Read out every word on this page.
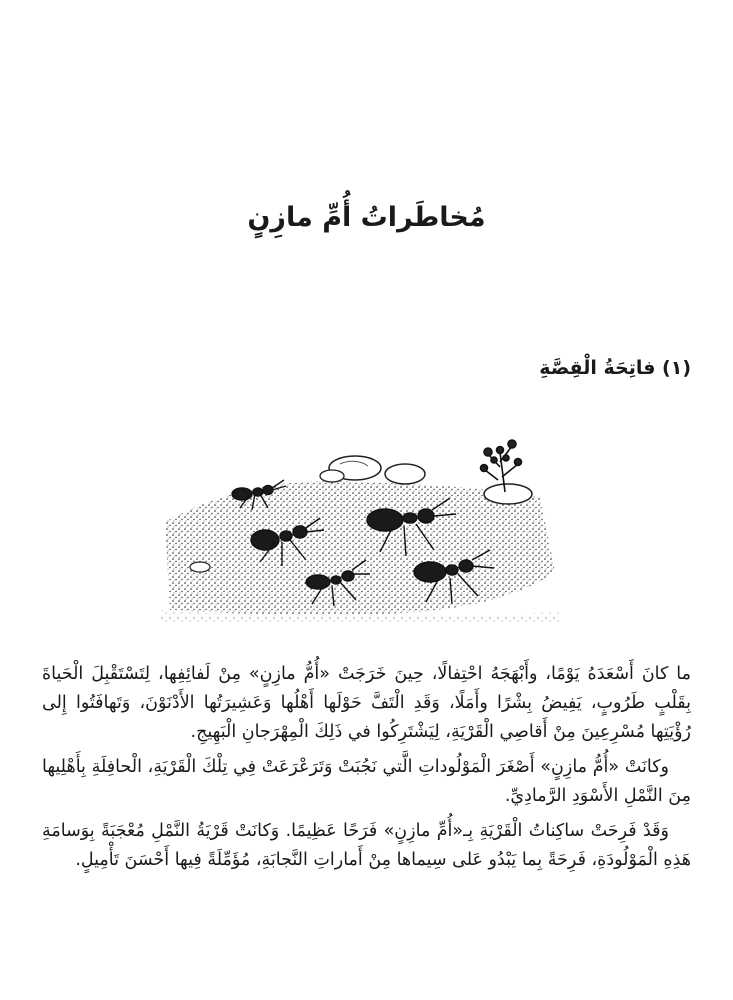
مُخاطَراتُ أُمِّ مازِنٍ
(١) فاتِحَةُ الْقِصَّةِ

ما كانَ أَسْعَدَهُ يَوْمًا، وأَبْهَجَهُ احْتِفالًا، حِينَ خَرَجَتْ «أُمُّ مازِنٍ» مِنْ لَفائِفِها، لِتَسْتَقْبِلَ الْحَياةَ بِقَلْبٍ طَرُوبٍ، يَفِيضُ بِشْرًا وأَمَلًا، وَقَدِ الْتَفَّ حَوْلَها أَهْلُها وَعَشِيرَتُها الأَدْنَوْنَ، وَتَهافَتُوا إِلى رُؤْيَتِها مُسْرِعِينَ مِنْ أَقاصِي الْقَرْيَةِ، لِيَشْتَرِكُوا في ذَلِكَ الْمِهْرَجانِ الْبَهِيجِ.

وكانَتْ «أُمُّ مازِنٍ» أَصْغَرَ الْمَوْلُوداتِ الَّتي نَجُبَتْ وَتَرَعْرَعَتْ فِي تِلْكَ الْقَرْيَةِ، الْحافِلَةِ بِأَهْلِيها مِنَ النَّمْلِ الأَسْوَدِ الرَّمادِيِّ.

وَقَدْ فَرِحَتْ ساكِناتُ الْقَرْيَةِ بِـ«أُمِّ مازِنٍ» فَرَحًا عَظِيمًا. وَكانَتْ قَرْيَةُ النَّمْلِ مُعْجَبَةً بِوَسامَةِ هَذِهِ الْمَوْلُودَةِ، فَرِحَةً بِما يَبْدُو عَلى سِيماها مِنْ أَماراتِ النَّجابَةِ، مُؤَمِّلَةً فِيها أَحْسَنَ تَأْمِيلٍ.
